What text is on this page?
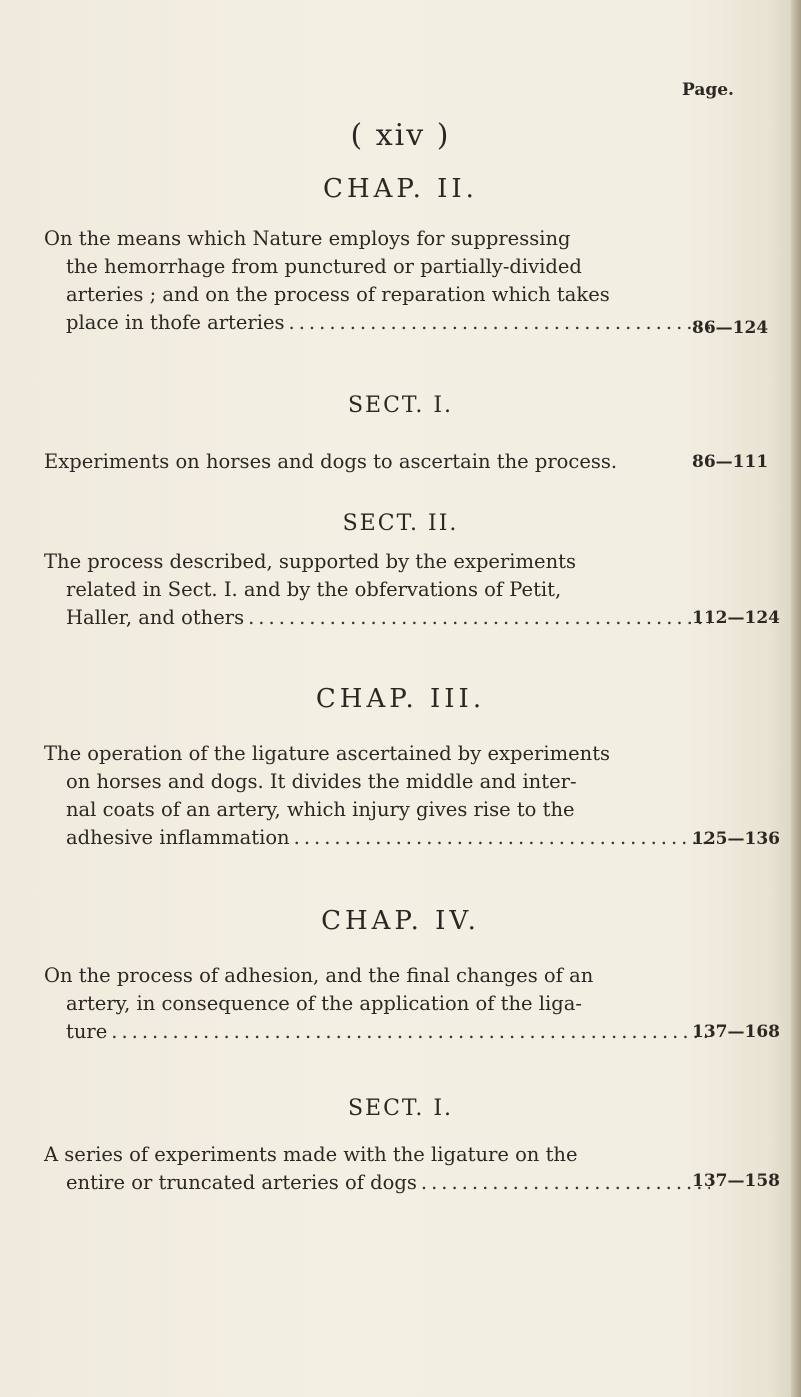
( xiv )
CHAP. II.
Page.
On the means which Nature employs for suppressing
the hemorrhage from punctured or partially-divided
arteries ; and on the process of reparation which takes
place in thofe arteries .....	86—124
SECT. I.
Experiments on horses and dogs to ascertain the process.	86—111
SECT. II.
The process described, supported by the experiments
related in Sect. I. and by the obfervations of Petit,
Haller, and others .....	112—124
CHAP. III.
The operation of the ligature ascertained by experiments
on horses and dogs. It divides the middle and inter-
nal coats of an artery, which injury gives rise to the
adhesive inflammation .....	125—136
CHAP. IV.
On the process of adhesion, and the final changes of an
artery, in consequence of the application of the liga-
ture .....	137—168
SECT. I.
A series of experiments made with the ligature on the
entire or truncated arteries of dogs .....	137—158
